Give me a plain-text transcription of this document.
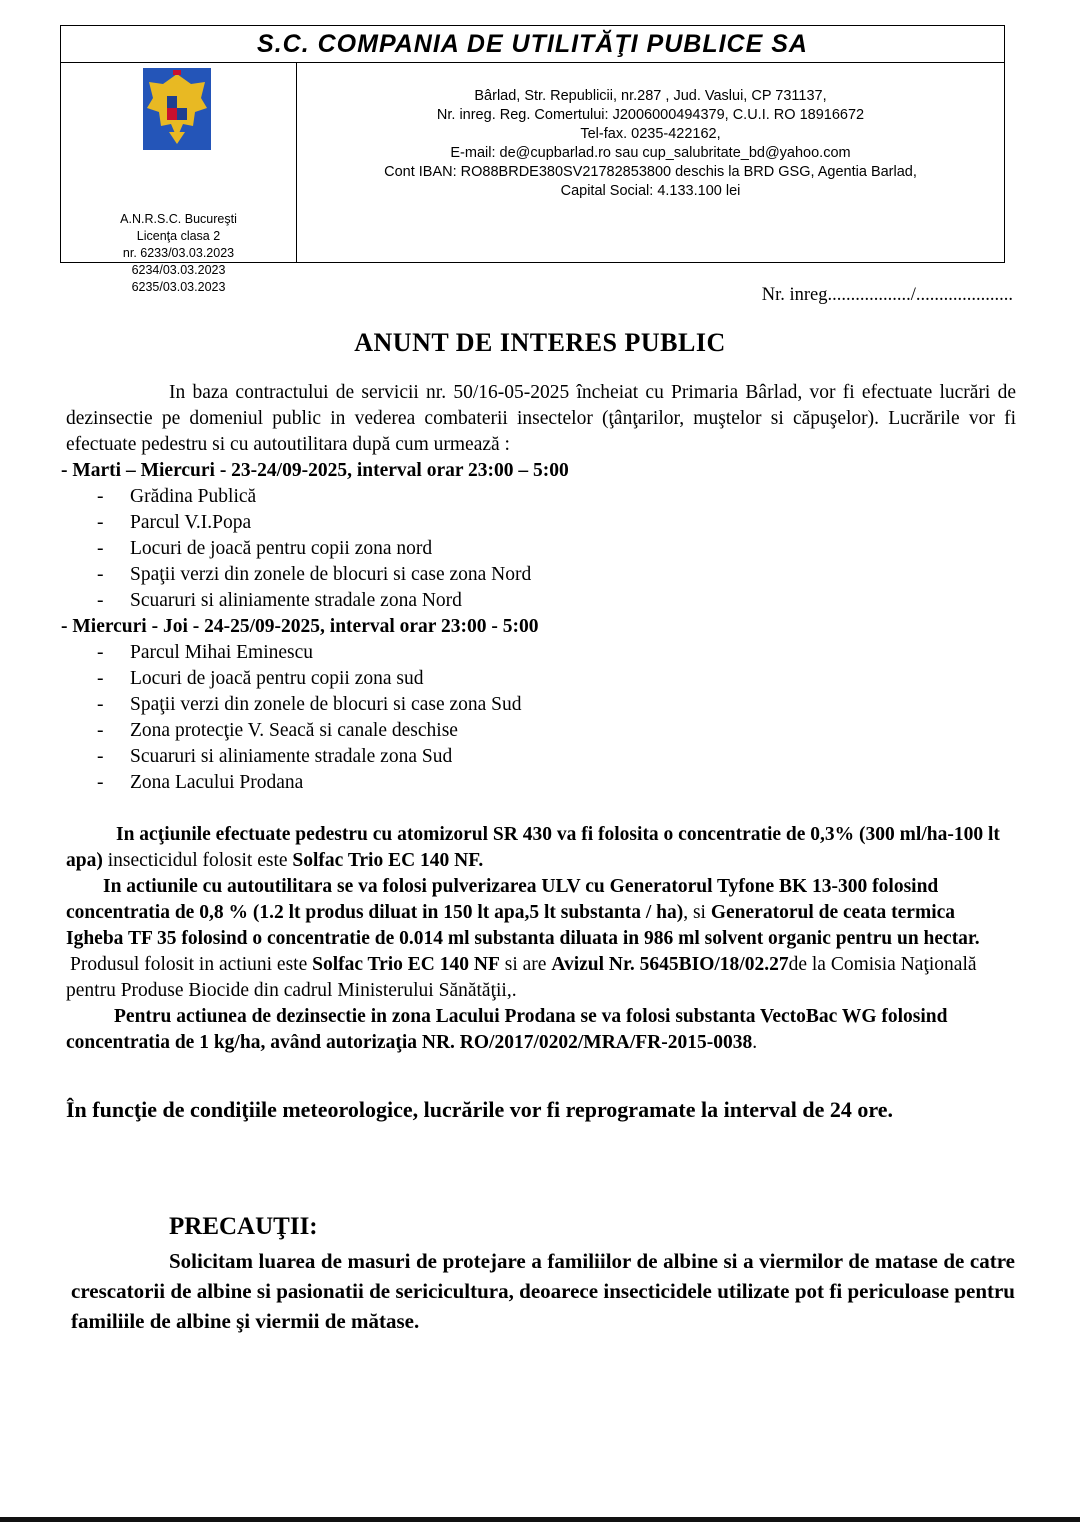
S.C. COMPANIA DE UTILITĂŢI PUBLICE SA
A.N.R.S.C. Bucureşti
Licenţa clasa 2
nr. 6233/03.03.2023
6234/03.03.2023
6235/03.03.2023
Bârlad, Str. Republicii, nr.287 , Jud. Vaslui, CP 731137,
Nr. inreg. Reg. Comertului: J2006000494379, C.U.I. RO 18916672
Tel-fax. 0235-422162,
E-mail: de@cupbarlad.ro sau cup_salubritate_bd@yahoo.com
Cont IBAN: RO88BRDE380SV21782853800 deschis la BRD GSG, Agentia Barlad,
Capital Social: 4.133.100 lei
Nr. inreg................../.....................
ANUNT DE INTERES PUBLIC

In baza contractului de servicii nr. 50/16-05-2025 încheiat cu Primaria Bârlad, vor fi efectuate lucrări de dezinsectie pe domeniul public in vederea combaterii insectelor (ţânţarilor, muştelor si căpuşelor). Lucrările vor fi efectuate pedestru si cu autoutilitara după cum urmează :

- Marti – Miercuri - 23-24/09-2025, interval orar 23:00 – 5:00
- Grădina Publică
- Parcul V.I.Popa
- Locuri de joacă pentru copii zona nord
- Spaţii verzi din zonele de blocuri si case zona Nord
- Scuaruri si aliniamente stradale zona Nord
- Miercuri - Joi - 24-25/09-2025, interval orar 23:00 - 5:00
- Parcul Mihai Eminescu
- Locuri de joacă pentru copii zona sud
- Spaţii verzi din zonele de blocuri si case zona Sud
- Zona protecţie V. Seacă si canale deschise
- Scuaruri si aliniamente stradale zona Sud
- Zona Lacului Prodana

In acţiunile efectuate pedestru cu atomizorul SR 430 va fi folosita o concentratie de 0,3% (300 ml/ha-100 lt apa) insecticidul folosit este Solfac Trio EC 140 NF.

In actiunile cu autoutilitara se va folosi pulverizarea ULV cu Generatorul Tyfone BK 13-300 folosind concentratia de 0,8 % (1.2 lt produs diluat in 150 lt apa,5 lt substanta / ha), si Generatorul de ceata termica Igheba TF 35 folosind o concentratie de 0.014 ml substanta diluata in 986 ml solvent organic pentru un hectar.

Produsul folosit in actiuni este Solfac Trio EC 140 NF si are Avizul Nr. 5645BIO/18/02.27de la Comisia Naţională pentru Produse Biocide din cadrul Ministerului Sănătăţii,.

Pentru actiunea de dezinsectie in zona Lacului Prodana se va folosi substanta VectoBac WG folosind concentratia de 1 kg/ha, având autorizaţia NR. RO/2017/0202/MRA/FR-2015-0038.

În funcţie de condiţiile meteorologice, lucrările vor fi reprogramate la interval de 24 ore.
PRECAUŢII:
Solicitam luarea de masuri de protejare a familiilor de albine si a viermilor de matase de catre crescatorii de albine si pasionatii de sericicultura, deoarece insecticidele utilizate pot fi periculoase pentru familiile de albine şi viermii de mătase.
